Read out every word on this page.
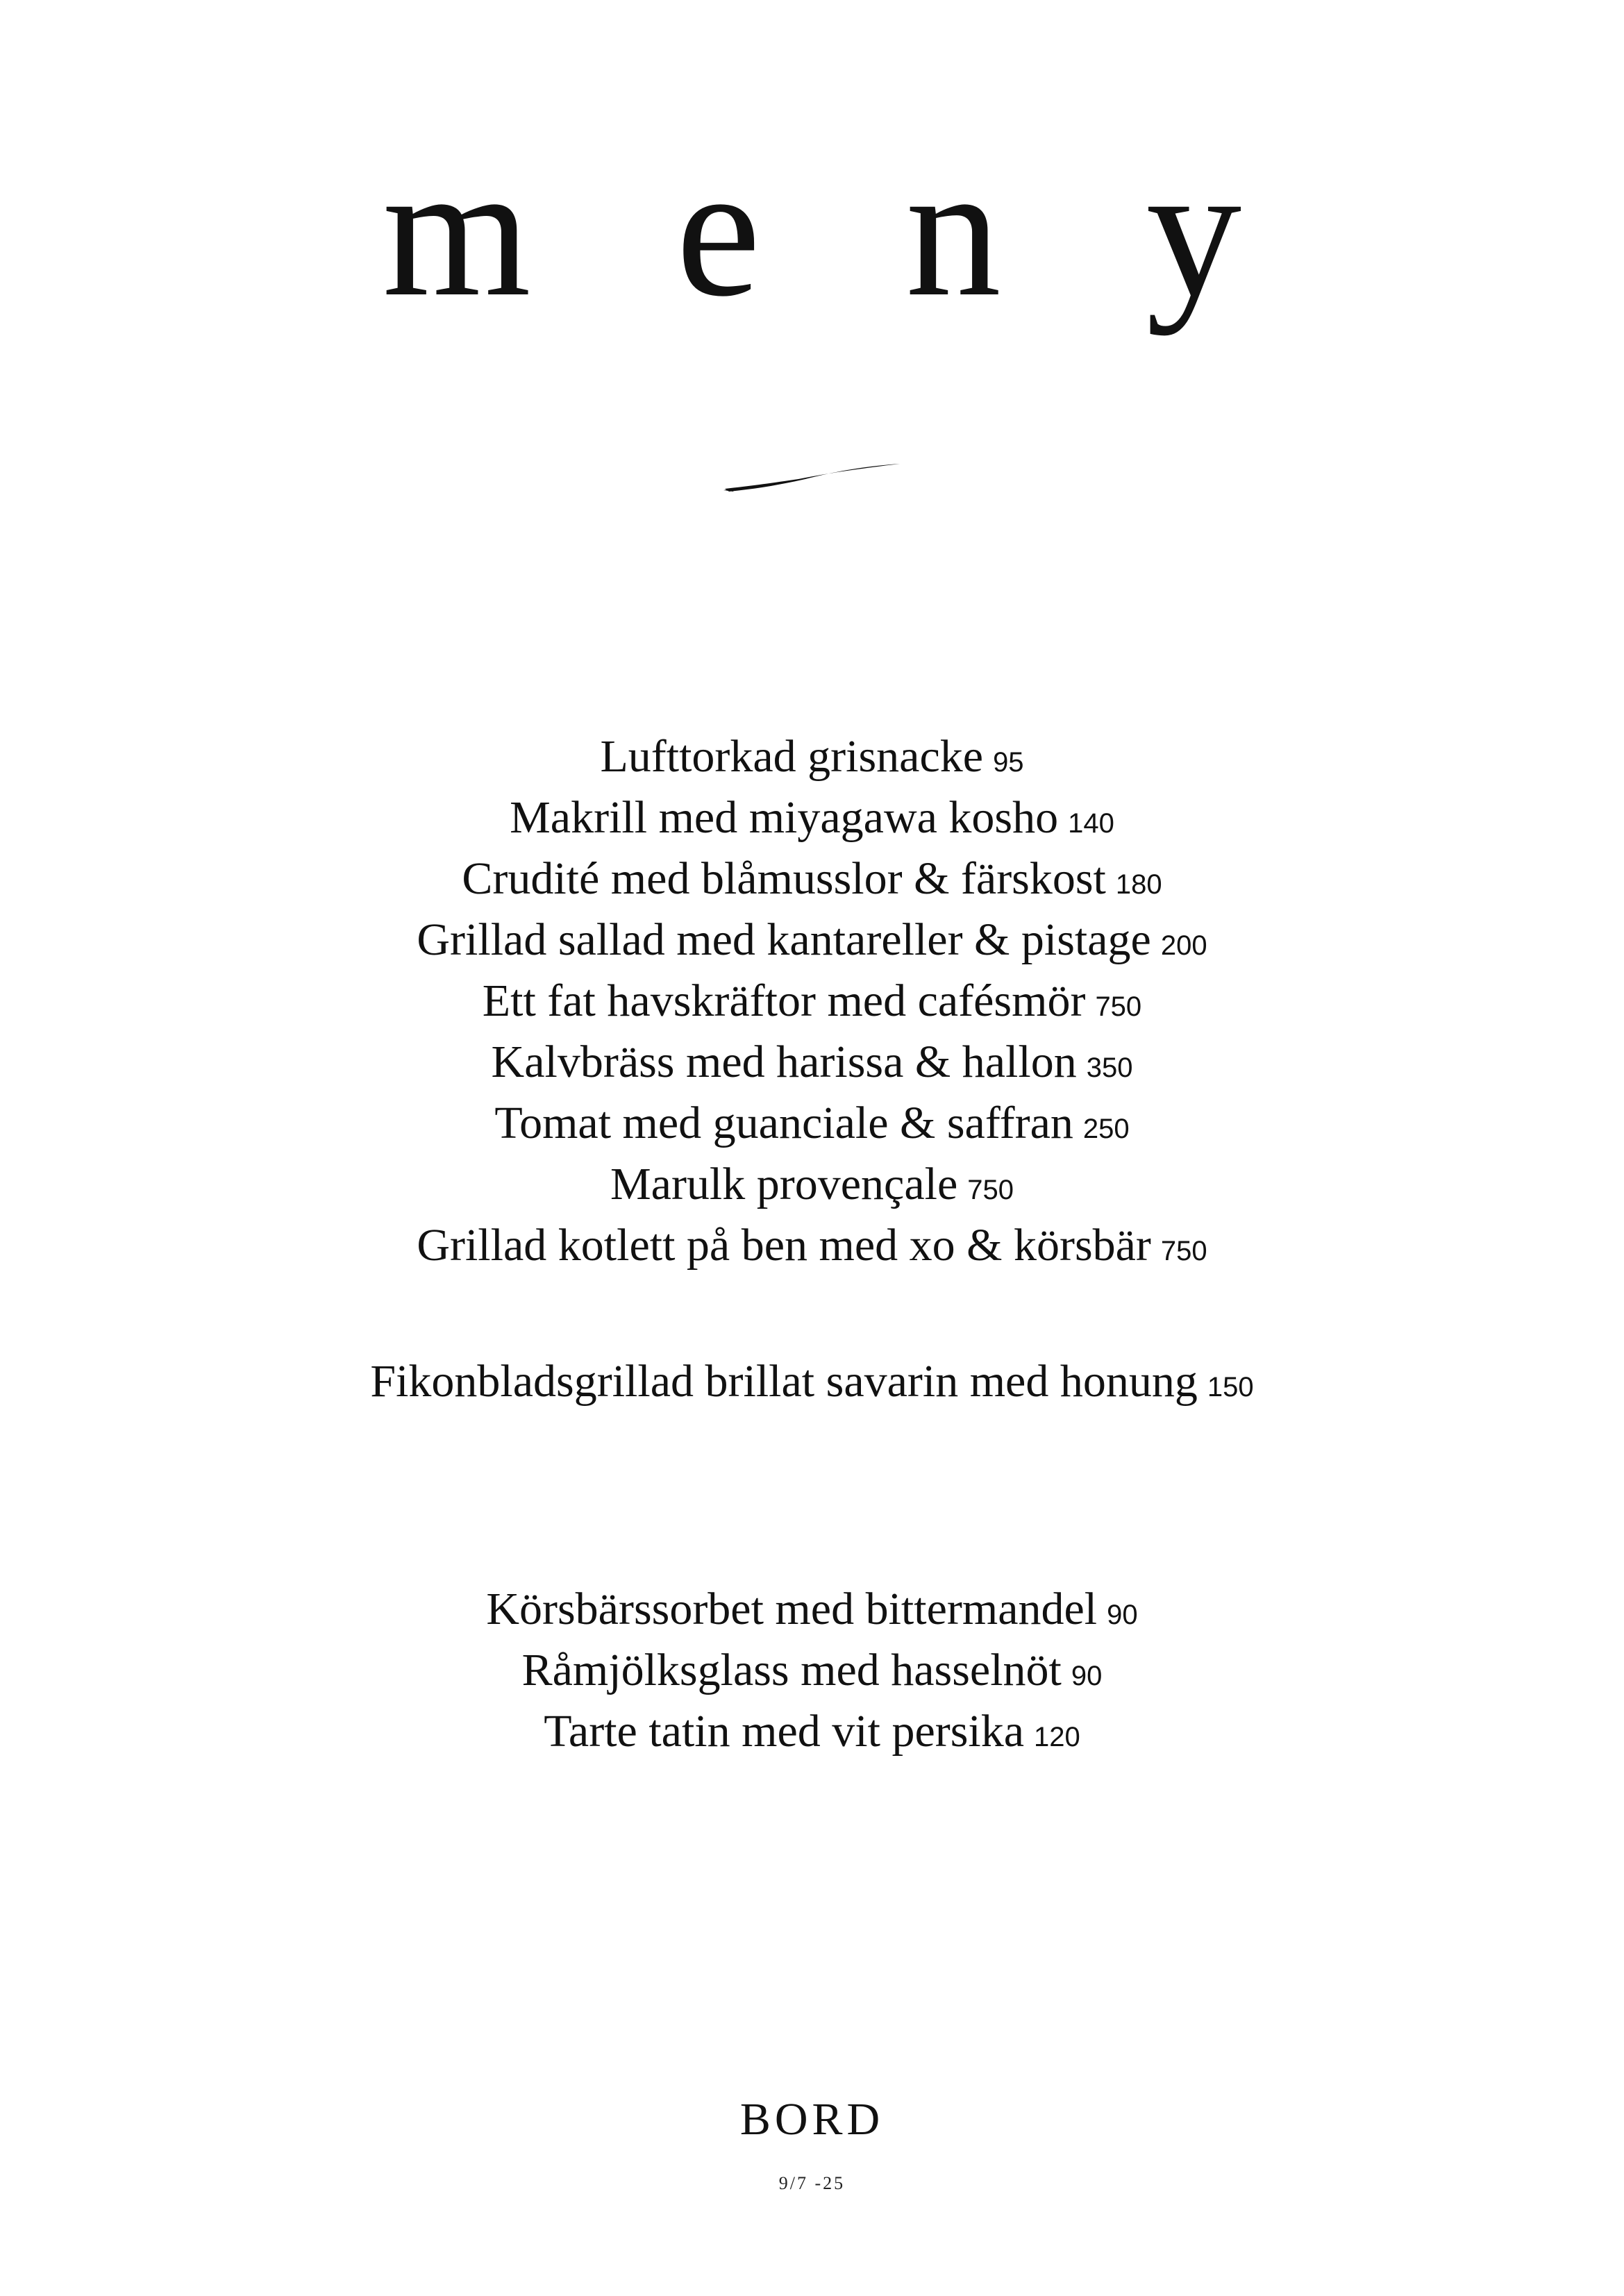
m e n y
Lufttorkad grisnacke 95
Makrill med miyagawa kosho 140
Crudité med blåmusslor & färskost 180
Grillad sallad med kantareller & pistage 200
Ett fat havskräftor med cafésmör 750
Kalvbräss med harissa & hallon 350
Tomat med guanciale & saffran 250
Marulk provençale 750
Grillad kotlett på ben med xo & körsbär 750
Fikonbladsgrillad brillat savarin med honung 150
Körsbärssorbet med bittermandel 90
Råmjölksglass med hasselnöt 90
Tarte tatin med vit persika 120
BORD
9/7 -25
